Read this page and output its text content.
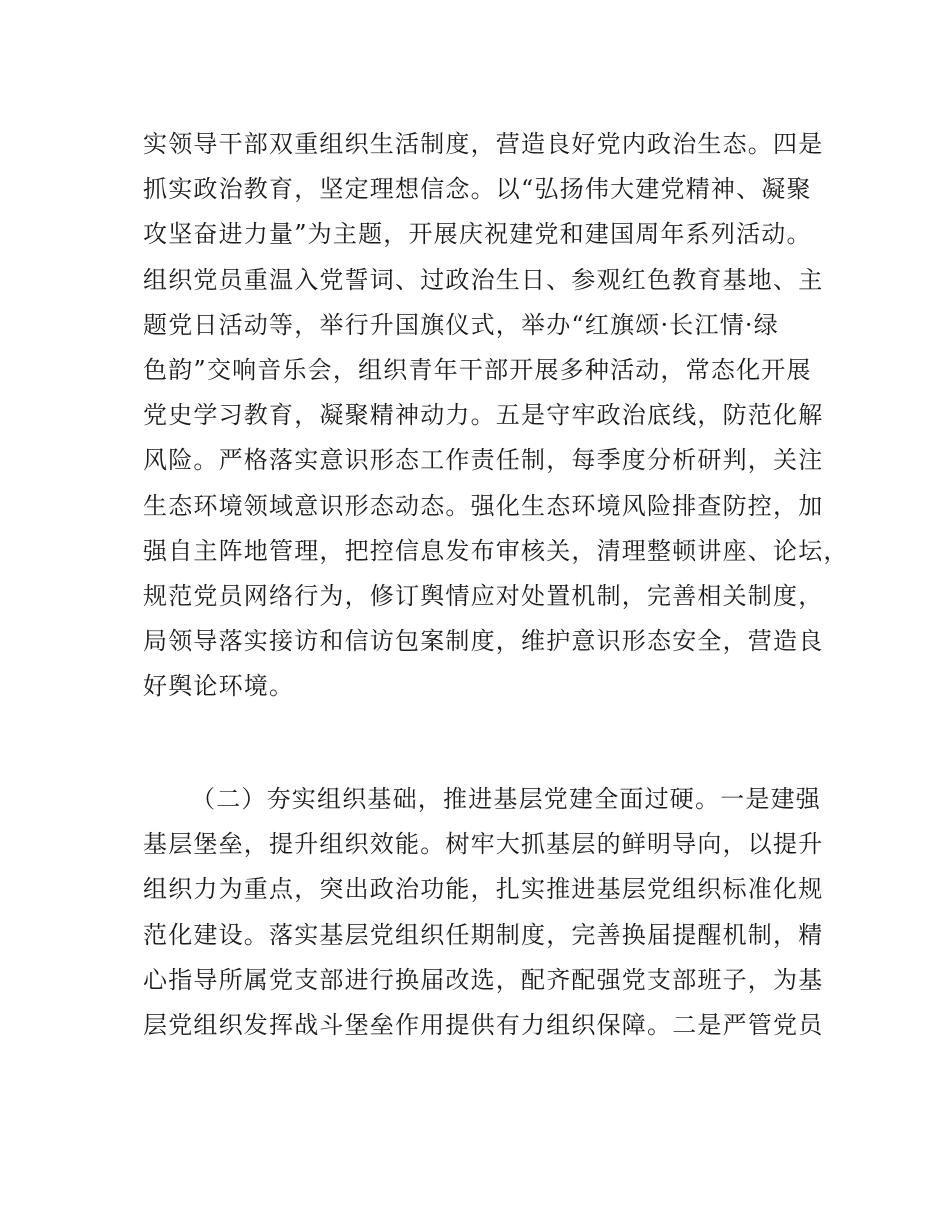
实领导干部双重组织生活制度，营造良好党内政治生态。四是
抓实政治教育，坚定理想信念。以“弘扬伟大建党精神、凝聚
攻坚奋进力量”为主题，开展庆祝建党和建国周年系列活动。
组织党员重温入党誓词、过政治生日、参观红色教育基地、主
题党日活动等，举行升国旗仪式，举办“红旗颂·长江情·绿
色韵”交响音乐会，组织青年干部开展多种活动，常态化开展
党史学习教育，凝聚精神动力。五是守牢政治底线，防范化解
风险。严格落实意识形态工作责任制，每季度分析研判，关注
生态环境领域意识形态动态。强化生态环境风险排查防控，加
强自主阵地管理，把控信息发布审核关，清理整顿讲座、论坛，
规范党员网络行为，修订舆情应对处置机制，完善相关制度，
局领导落实接访和信访包案制度，维护意识形态安全，营造良
好舆论环境。
（二）夯实组织基础，推进基层党建全面过硬。一是建强
基层堡垒，提升组织效能。树牢大抓基层的鲜明导向，以提升
组织力为重点，突出政治功能，扎实推进基层党组织标准化规
范化建设。落实基层党组织任期制度，完善换届提醒机制，精
心指导所属党支部进行换届改选，配齐配强党支部班子，为基
层党组织发挥战斗堡垒作用提供有力组织保障。二是严管党员
